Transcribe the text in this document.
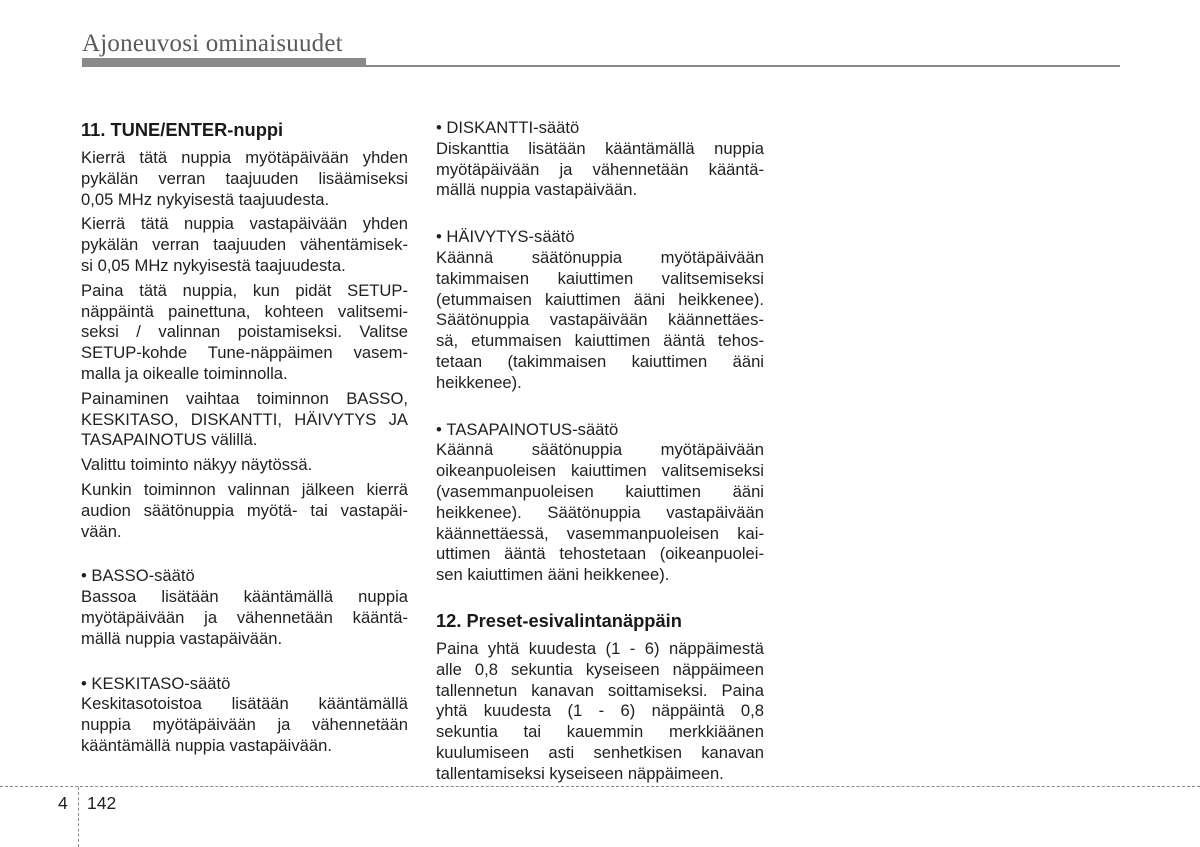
Ajoneuvosi ominaisuudet
11. TUNE/ENTER-nuppi

Kierrä tätä nuppia myötäpäivään yhden
pykälän verran taajuuden lisäämiseksi
0,05 MHz nykyisestä taajuudesta.

Kierrä tätä nuppia vastapäivään yhden
pykälän verran taajuuden vähentämisek-
si 0,05 MHz nykyisestä taajuudesta.

Paina tätä nuppia, kun pidät SETUP-
näppäintä painettuna, kohteen valitsemi-
seksi / valinnan poistamiseksi. Valitse
SETUP-kohde Tune-näppäimen vasem-
malla ja oikealle toiminnolla.

Painaminen vaihtaa toiminnon BASSO,
KESKITASO, DISKANTTI, HÄIVYTYS JA
TASAPAINOTUS välillä.

Valittu toiminto näkyy näytössä.

Kunkin toiminnon valinnan jälkeen kierrä
audion säätönuppia myötä- tai vastapäi-
vään.

• BASSO-säätö

Bassoa lisätään kääntämällä nuppia
myötäpäivään ja vähennetään kääntä-
mällä nuppia vastapäivään.

• KESKITASO-säätö

Keskitasotoistoa lisätään kääntämällä
nuppia myötäpäivään ja vähennetään
kääntämällä nuppia vastapäivään.

• DISKANTTI-säätö

Diskanttia lisätään kääntämällä nuppia
myötäpäivään ja vähennetään kääntä-
mällä nuppia vastapäivään.

• HÄIVYTYS-säätö

Käännä säätönuppia myötäpäivään
takimmaisen kaiuttimen valitsemiseksi
(etummaisen kaiuttimen ääni heikkenee).
Säätönuppia vastapäivään käännettäes-
sä, etummaisen kaiuttimen ääntä tehos-
tetaan (takimmaisen kaiuttimen ääni
heikkenee).

• TASAPAINOTUS-säätö

Käännä säätönuppia myötäpäivään
oikeanpuoleisen kaiuttimen valitsemiseksi
(vasemmanpuoleisen kaiuttimen ääni
heikkenee). Säätönuppia vastapäivään
käännettäessä, vasemmanpuoleisen kai-
uttimen ääntä tehostetaan (oikeanpuolei-
sen kaiuttimen ääni heikkenee).

12. Preset-esivalintanäppäin

Paina yhtä kuudesta (1 - 6) näppäimestä
alle 0,8 sekuntia kyseiseen näppäimeen
tallennetun kanavan soittamiseksi. Paina
yhtä kuudesta (1 - 6) näppäintä 0,8
sekuntia tai kauemmin merkkiäänen
kuulumiseen asti senhetkisen kanavan
tallentamiseksi kyseiseen näppäimeen.

4 142
